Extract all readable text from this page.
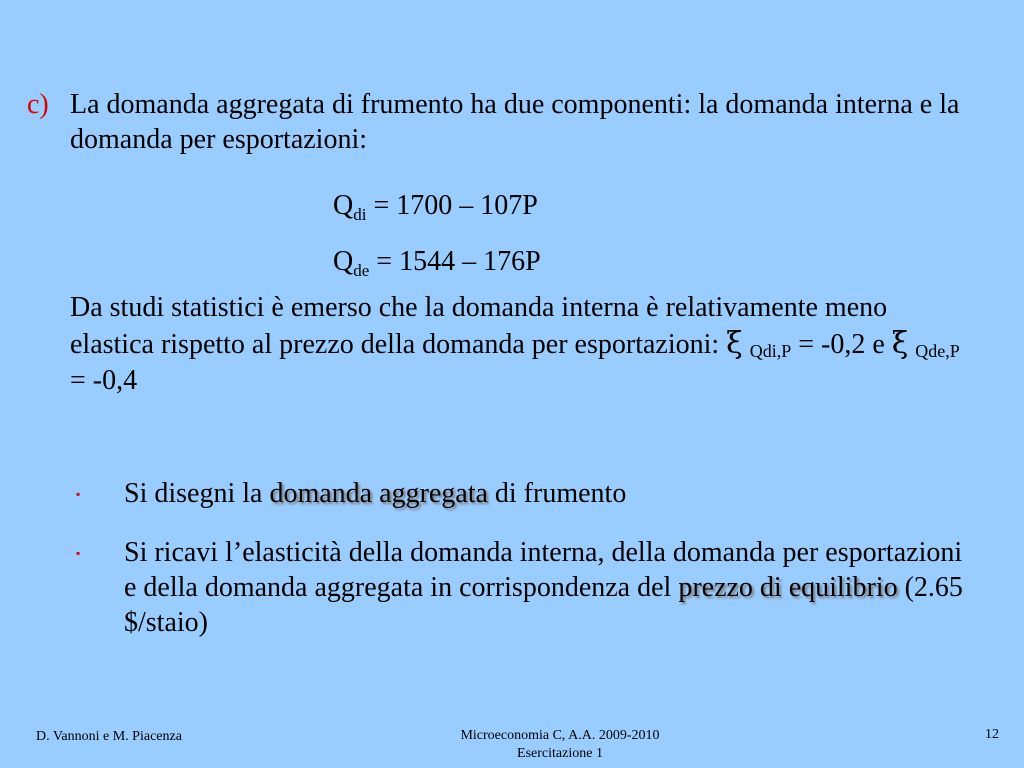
c) La domanda aggregata di frumento ha due componenti: la domanda interna e la domanda per esportazioni:
$Q_{di} = 1700 - 107P$
$Q_{de} = 1544 - 176P$
Da studi statistici è emerso che la domanda interna è relativamente meno elastica rispetto al prezzo della domanda per esportazioni: ξ Qdi,P = -0,2 e ξ Qde,P = -0,4
▪ Si disegni la domanda aggregata di frumento
▪ Si ricavi l’elasticità della domanda interna, della domanda per esportazioni e della domanda aggregata in corrispondenza del prezzo di equilibrio (2.65 $/staio)
D. Vannoni e M. Piacenza	Microeconomia C, A.A. 2009-2010
Esercitazione 1
12
